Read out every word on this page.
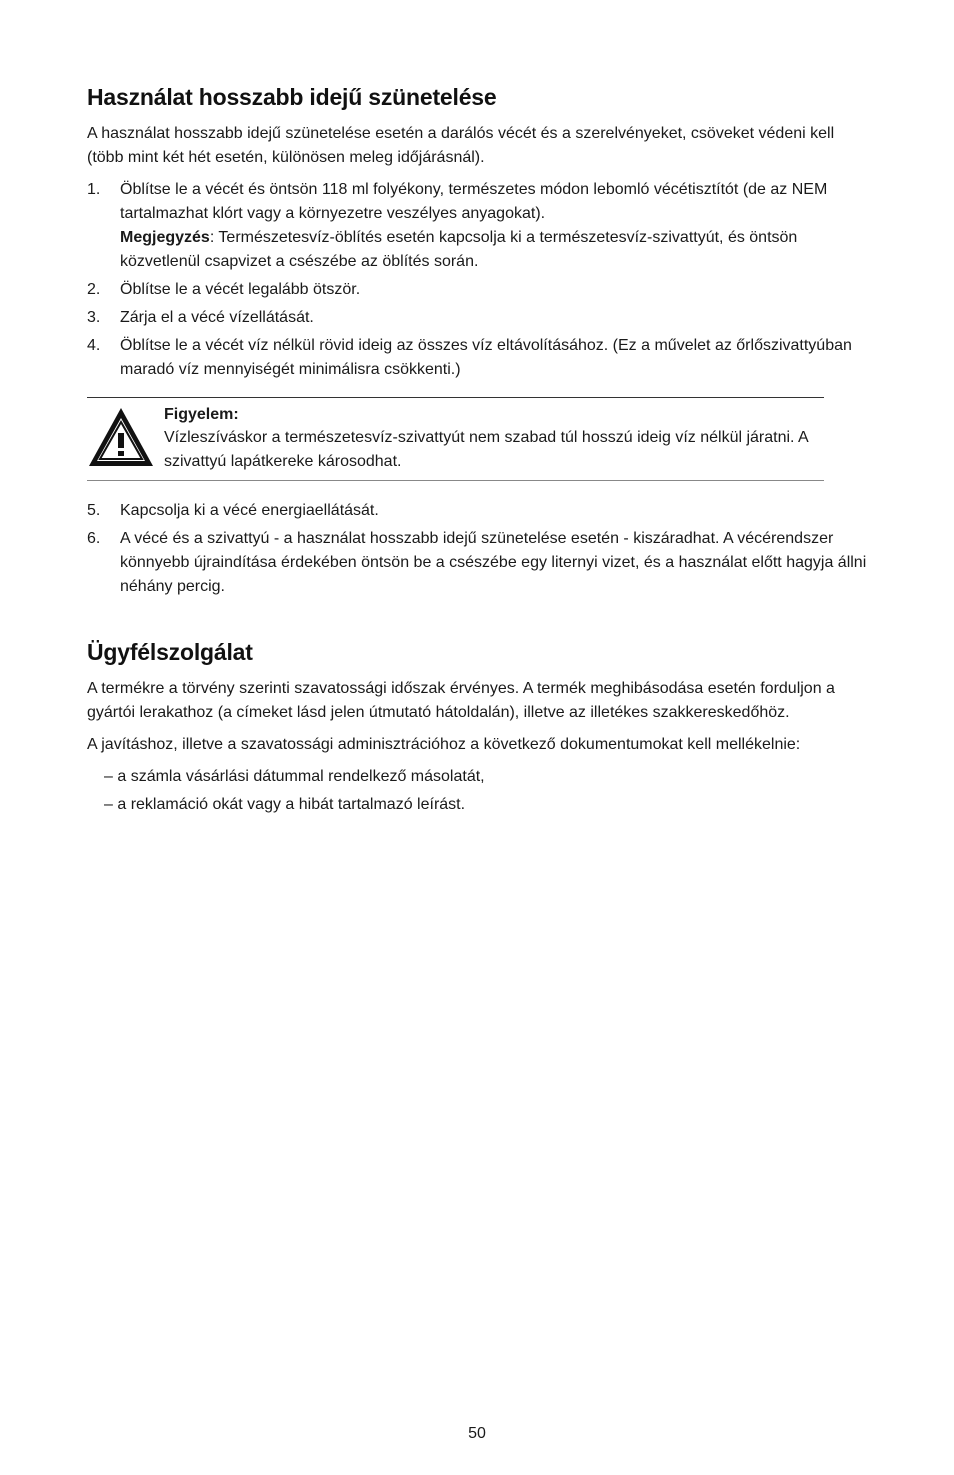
Használat hosszabb idejű szünetelése

A használat hosszabb idejű szünetelése esetén a darálós vécét és a szerelvényeket, csöveket védeni kell (több mint két hét esetén, különösen meleg időjárásnál).

1. Öblítse le a vécét és öntsön 118 ml folyékony, természetes módon lebomló vécétisztítót (de az NEM tartalmazhat klórt vagy a környezetre veszélyes anyagokat).
Megjegyzés: Természetesvíz-öblítés esetén kapcsolja ki a természetesvíz-szivattyút, és öntsön közvetlenül csapvizet a csészébe az öblítés során.
2. Öblítse le a vécét legalább ötször.
3. Zárja el a vécé vízellátását.
4. Öblítse le a vécét víz nélkül rövid ideig az összes víz eltávolításához. (Ez a művelet az őrlőszivattyúban maradó víz mennyiségét minimálisra csökkenti.)
Figyelem:
Vízleszíváskor a természetesvíz-szivattyút nem szabad túl hosszú ideig víz nélkül járatni. A szivattyú lapátkereke károsodhat.
5. Kapcsolja ki a vécé energiaellátását.
6. A vécé és a szivattyú - a használat hosszabb idejű szünetelése esetén - kiszáradhat. A vécérendszer könnyebb újraindítása érdekében öntsön be a csészébe egy liternyi vizet, és a használat előtt hagyja állni néhány percig.
Ügyfélszolgálat

A termékre a törvény szerinti szavatossági időszak érvényes. A termék meghibásodása esetén forduljon a gyártói lerakathoz (a címeket lásd jelen útmutató hátoldalán), illetve az illetékes szakkereskedőhöz.

A javításhoz, illetve a szavatossági adminisztrációhoz a következő dokumentumokat kell mellékelnie:

– a számla vásárlási dátummal rendelkező másolatát,
– a reklamáció okát vagy a hibát tartalmazó leírást.
50
